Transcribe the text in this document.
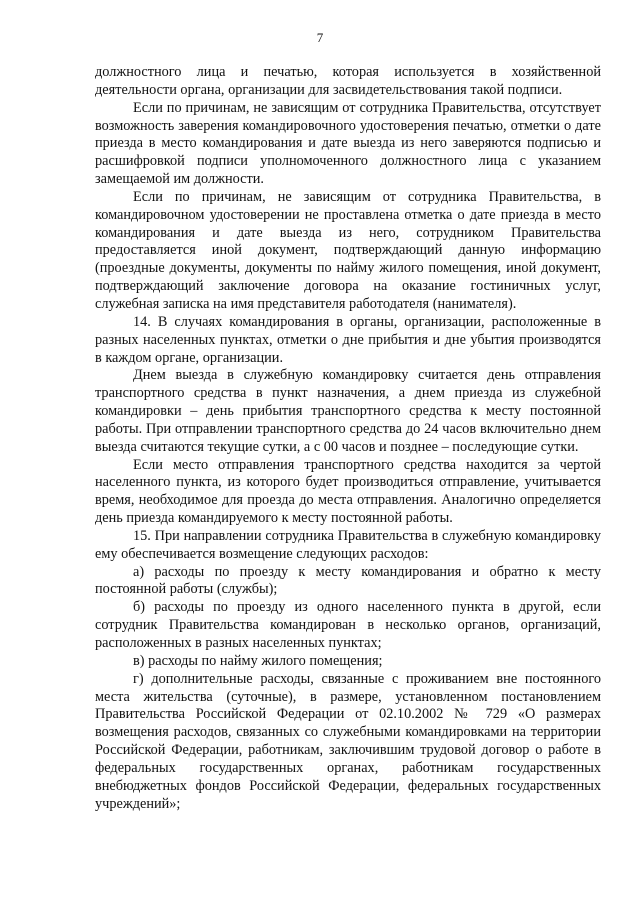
7

должностного лица и печатью, которая используется в хозяйственной деятельности органа, организации для засвидетельствования такой подписи.

Если по причинам, не зависящим от сотрудника Правительства, отсутствует возможность заверения командировочного удостоверения печатью, отметки о дате приезда в место командирования и дате выезда из него заверяются подписью и расшифровкой подписи уполномоченного должностного лица с указанием замещаемой им должности.

Если по причинам, не зависящим от сотрудника Правительства, в командировочном удостоверении не проставлена отметка о дате приезда в место командирования и дате выезда из него, сотрудником Правительства предоставляется иной документ, подтверждающий данную информацию (проездные документы, документы по найму жилого помещения, иной документ, подтверждающий заключение договора на оказание гостиничных услуг, служебная записка на имя представителя работодателя (нанимателя).

14. В случаях командирования в органы, организации, расположенные в разных населенных пунктах, отметки о дне прибытия и дне убытия производятся в каждом органе, организации.

Днем выезда в служебную командировку считается день отправления транспортного средства в пункт назначения, а днем приезда из служебной командировки – день прибытия транспортного средства к месту постоянной работы. При отправлении транспортного средства до 24 часов включительно днем выезда считаются текущие сутки, а с 00 часов и позднее – последующие сутки.

Если место отправления транспортного средства находится за чертой населенного пункта, из которого будет производиться отправление, учитывается время, необходимое для проезда до места отправления. Аналогично определяется день приезда командируемого к месту постоянной работы.

15. При направлении сотрудника Правительства в служебную командировку ему обеспечивается возмещение следующих расходов:

а) расходы по проезду к месту командирования и обратно к месту постоянной работы (службы);

б) расходы по проезду из одного населенного пункта в другой, если сотрудник Правительства командирован в несколько органов, организаций, расположенных в разных населенных пунктах;

в) расходы по найму жилого помещения;

г) дополнительные расходы, связанные с проживанием вне постоянного места жительства (суточные), в размере, установленном постановлением Правительства Российской Федерации от 02.10.2002 № 729 «О размерах возмещения расходов, связанных со служебными командировками на территории Российской Федерации, работникам, заключившим трудовой договор о работе в федеральных государственных органах, работникам государственных внебюджетных фондов Российской Федерации, федеральных государственных учреждений»;
